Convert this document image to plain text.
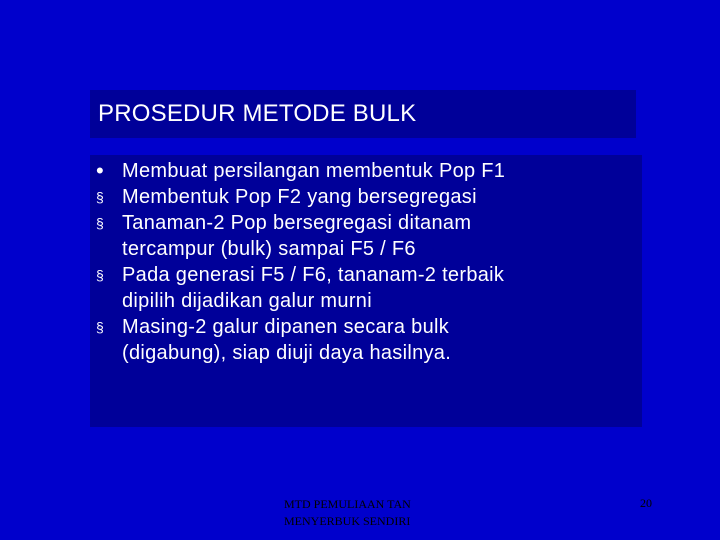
PROSEDUR METODE BULK
• Membuat persilangan membentuk Pop F1
§ Membentuk Pop F2 yang bersegregasi
§ Tanaman-2 Pop bersegregasi ditanam
tercampur (bulk) sampai F5 / F6
§ Pada generasi F5 / F6, tananam-2 terbaik
dipilih dijadikan galur murni
§ Masing-2 galur dipanen secara bulk
(digabung), siap diuji daya hasilnya.
MTD PEMULIAAN TAN
MENYERBUK SENDIRI
20
